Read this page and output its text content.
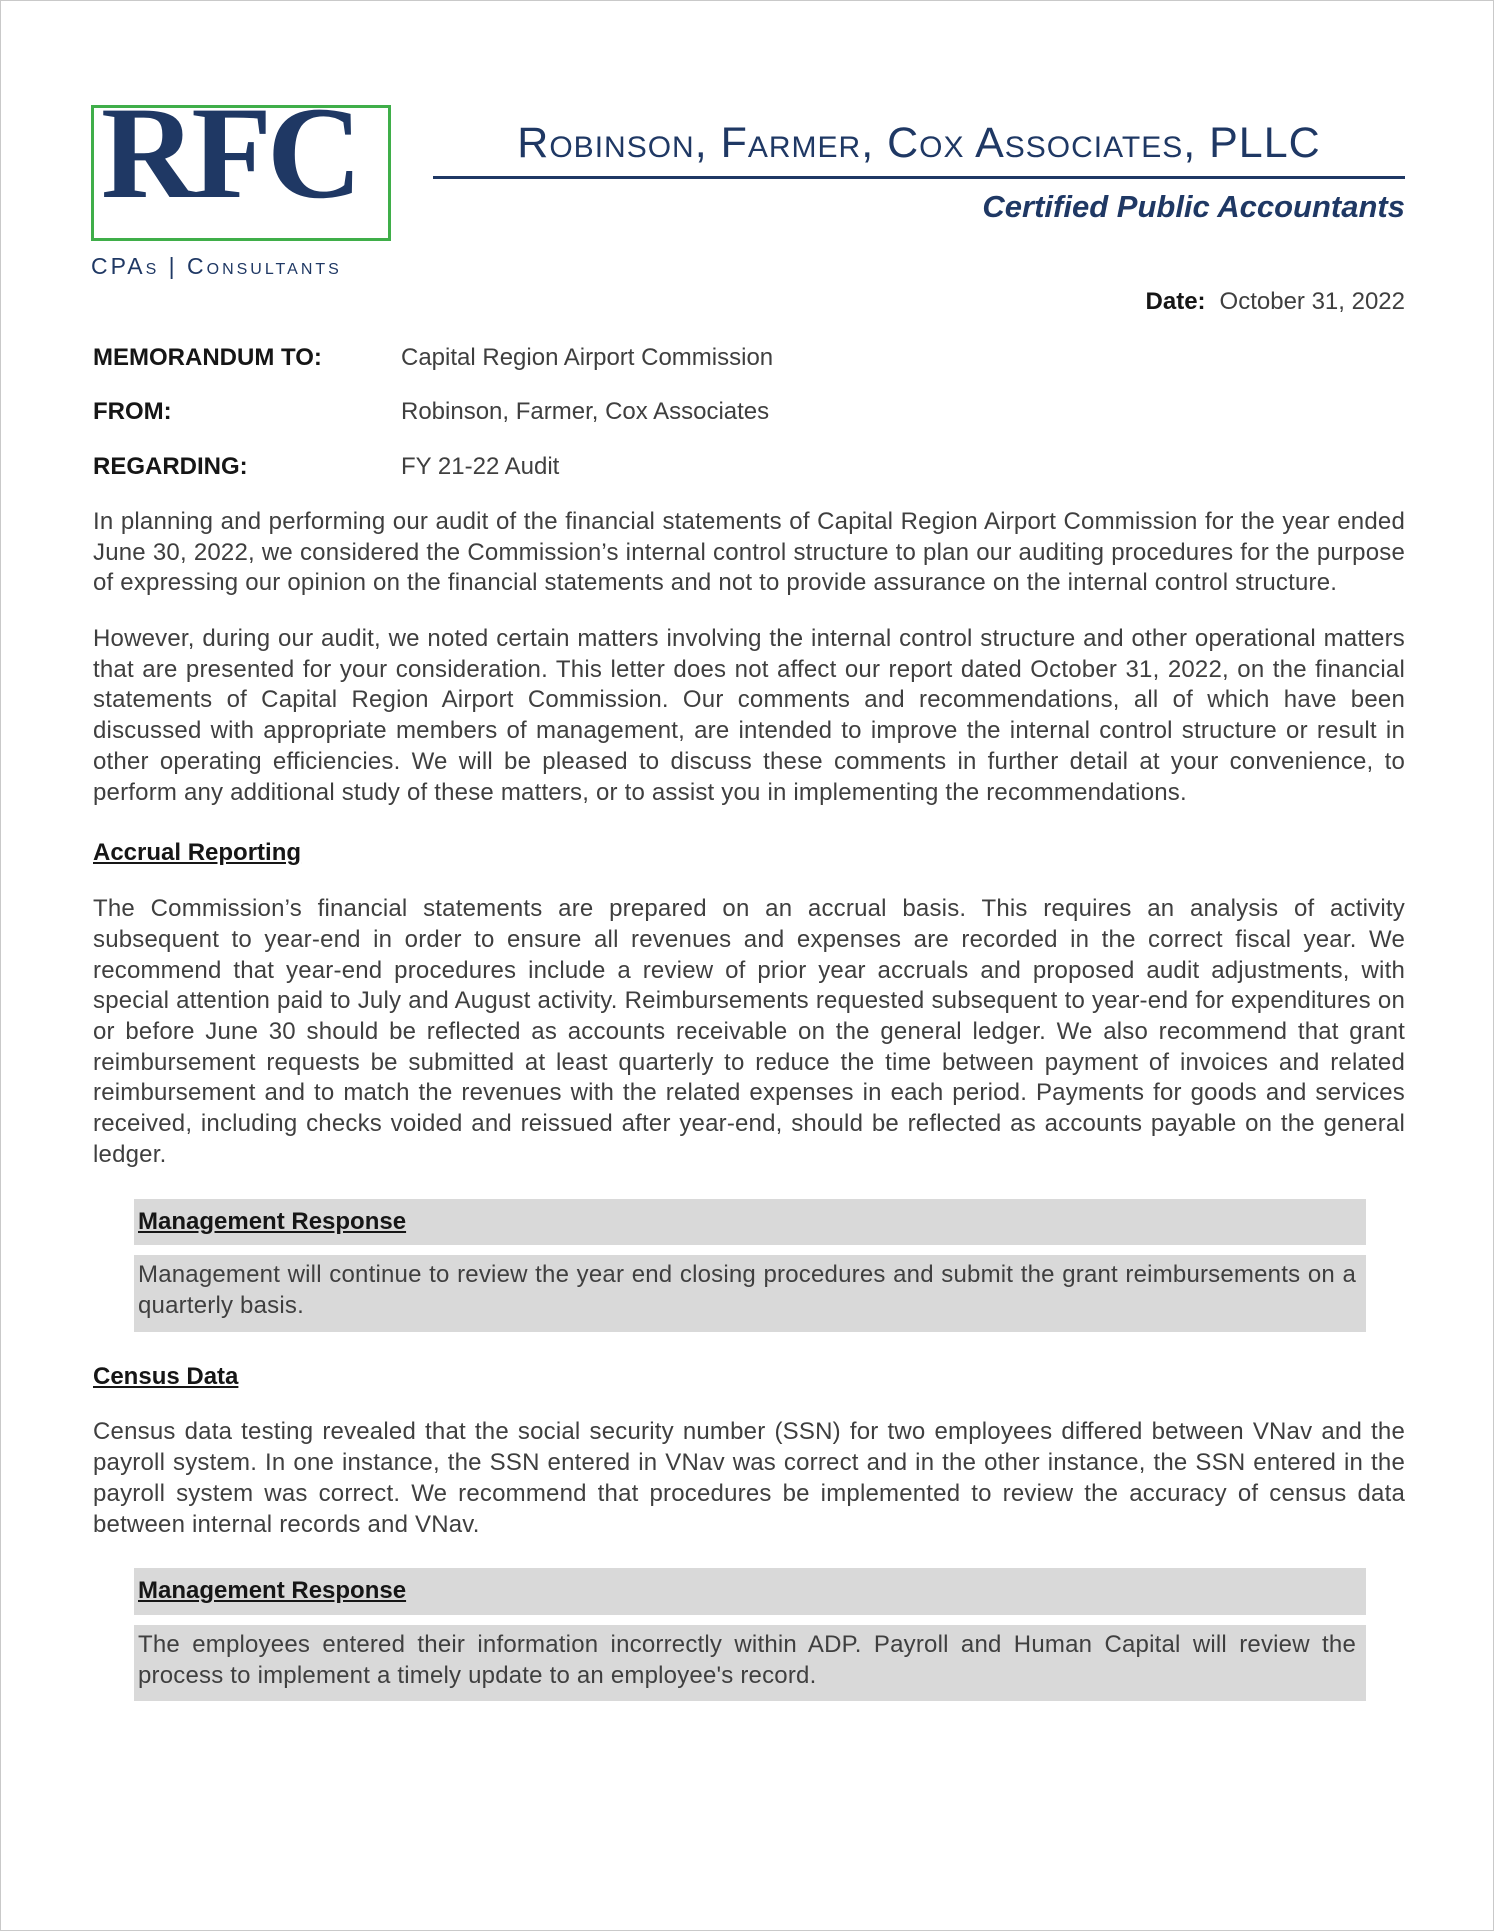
RFC
CPAs | Consultants
Robinson, Farmer, Cox Associates, PLLC
Certified Public Accountants
Date: October 31, 2022
MEMORANDUM TO:	Capital Region Airport Commission
FROM:	Robinson, Farmer, Cox Associates
REGARDING:	FY 21-22 Audit

In planning and performing our audit of the financial statements of Capital Region Airport Commission for the year ended June 30, 2022, we considered the Commission’s internal control structure to plan our auditing procedures for the purpose of expressing our opinion on the financial statements and not to provide assurance on the internal control structure.

However, during our audit, we noted certain matters involving the internal control structure and other operational matters that are presented for your consideration. This letter does not affect our report dated October 31, 2022, on the financial statements of Capital Region Airport Commission. Our comments and recommendations, all of which have been discussed with appropriate members of management, are intended to improve the internal control structure or result in other operating efficiencies. We will be pleased to discuss these comments in further detail at your convenience, to perform any additional study of these matters, or to assist you in implementing the recommendations.

Accrual Reporting

The Commission’s financial statements are prepared on an accrual basis. This requires an analysis of activity subsequent to year-end in order to ensure all revenues and expenses are recorded in the correct fiscal year. We recommend that year-end procedures include a review of prior year accruals and proposed audit adjustments, with special attention paid to July and August activity. Reimbursements requested subsequent to year-end for expenditures on or before June 30 should be reflected as accounts receivable on the general ledger. We also recommend that grant reimbursement requests be submitted at least quarterly to reduce the time between payment of invoices and related reimbursement and to match the revenues with the related expenses in each period. Payments for goods and services received, including checks voided and reissued after year-end, should be reflected as accounts payable on the general ledger.

Management Response
Management will continue to review the year end closing procedures and submit the grant reimbursements on a quarterly basis.
Census Data

Census data testing revealed that the social security number (SSN) for two employees differed between VNav and the payroll system. In one instance, the SSN entered in VNav was correct and in the other instance, the SSN entered in the payroll system was correct. We recommend that procedures be implemented to review the accuracy of census data between internal records and VNav.

Management Response
The employees entered their information incorrectly within ADP. Payroll and Human Capital will review the process to implement a timely update to an employee's record.
